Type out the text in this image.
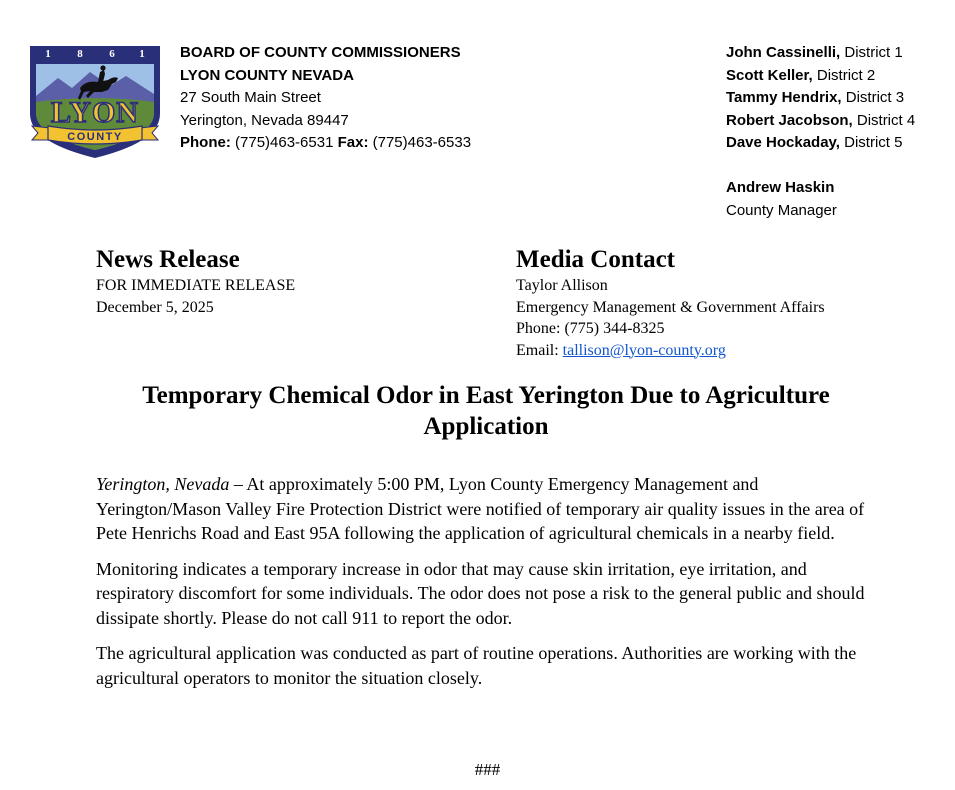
1 8 6 1
LYON
COUNTY
BOARD OF COUNTY COMMISSIONERS
LYON COUNTY NEVADA
27 South Main Street
Yerington, Nevada 89447
Phone: (775)463-6531 Fax: (775)463-6533
John Cassinelli, District 1
Scott Keller, District 2
Tammy Hendrix, District 3
Robert Jacobson, District 4
Dave Hockaday, District 5
Andrew Haskin
County Manager
News Release
FOR IMMEDIATE RELEASE
December 5, 2025
Media Contact
Taylor Allison
Emergency Management & Government Affairs
Phone: (775) 344-8325
Email: tallison@lyon-county.org
Temporary Chemical Odor in East Yerington Due to Agriculture Application

Yerington, Nevada – At approximately 5:00 PM, Lyon County Emergency Management and Yerington/Mason Valley Fire Protection District were notified of temporary air quality issues in the area of Pete Henrichs Road and East 95A following the application of agricultural chemicals in a nearby field.

Monitoring indicates a temporary increase in odor that may cause skin irritation, eye irritation, and respiratory discomfort for some individuals. The odor does not pose a risk to the general public and should dissipate shortly. Please do not call 911 to report the odor.

The agricultural application was conducted as part of routine operations. Authorities are working with the agricultural operators to monitor the situation closely.

###
